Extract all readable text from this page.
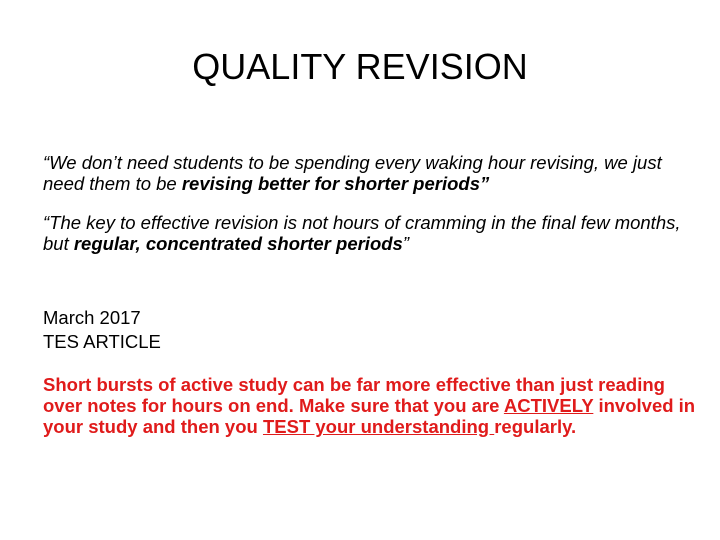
QUALITY REVISION

“We don’t need students to be spending every waking hour revising, we just need them to be revising better for shorter periods”

“The key to effective revision is not hours of cramming in the final few months, but regular, concentrated shorter periods”

March 2017
TES ARTICLE
Short bursts of active study can be far more effective than just reading over notes for hours on end. Make sure that you are ACTIVELY involved in your study and then you TEST your understanding regularly.
